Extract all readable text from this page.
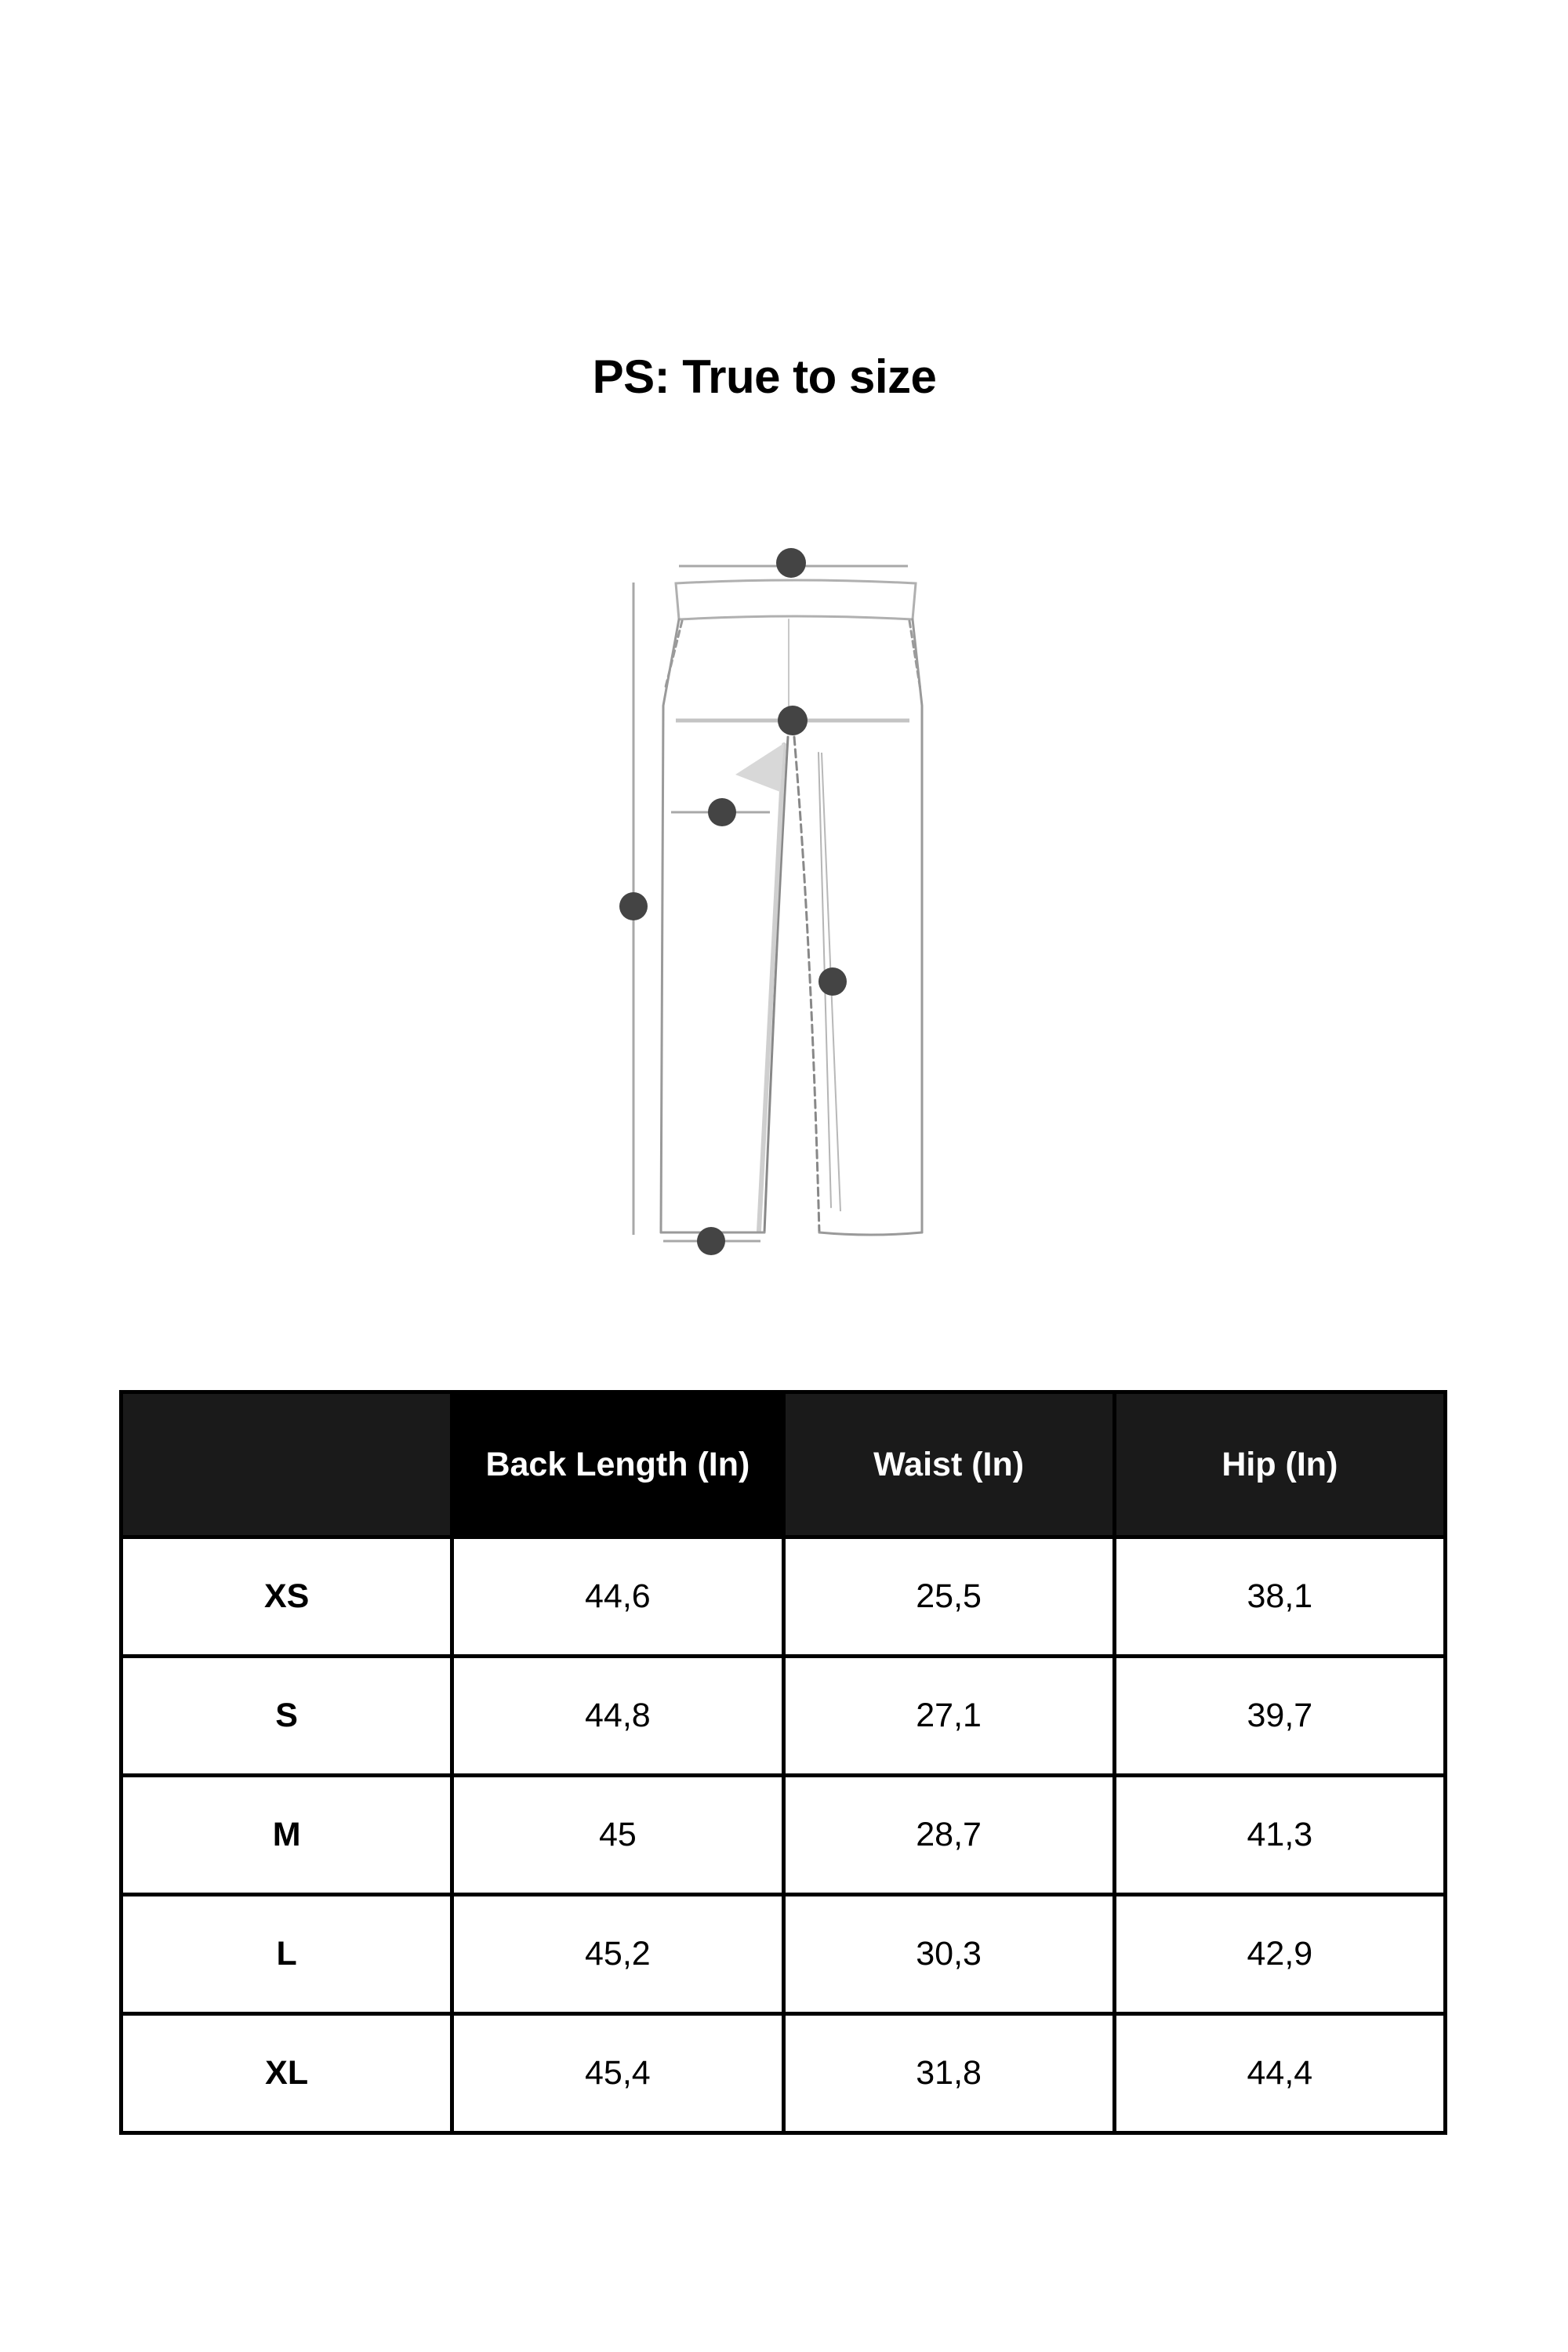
PS: True to size
	Back Length (In)	Waist (In)	Hip (In)
XS	44,6	25,5	38,1
S	44,8	27,1	39,7
M	45	28,7	41,3
L	45,2	30,3	42,9
XL	45,4	31,8	44,4
